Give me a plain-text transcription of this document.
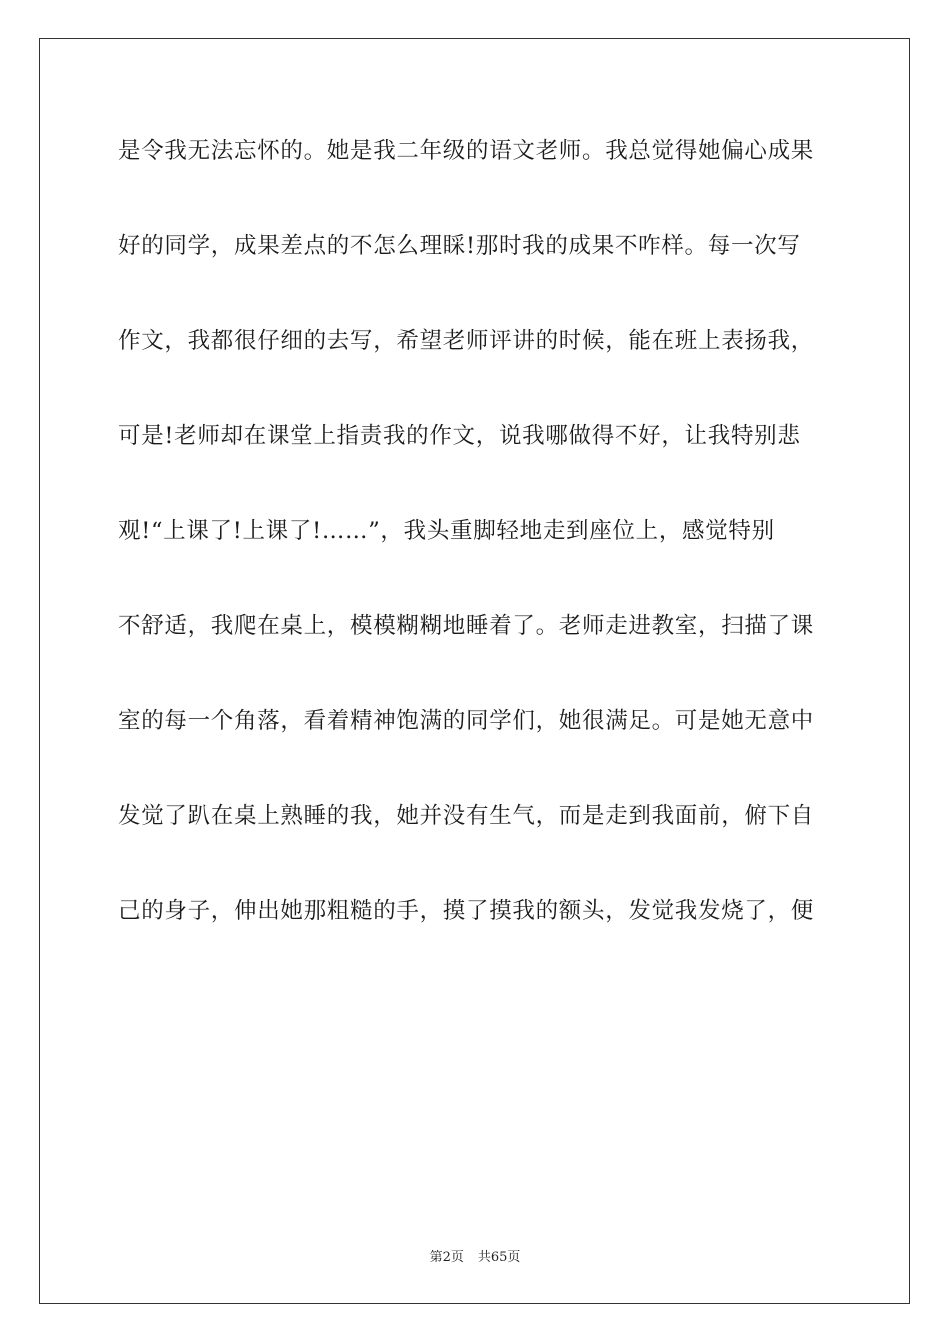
是令我无法忘怀的。她是我二年级的语文老师。我总觉得她偏心成果
好的同学，成果差点的不怎么理睬!那时我的成果不咋样。每一次写
作文，我都很仔细的去写，希望老师评讲的时候，能在班上表扬我，
可是!老师却在课堂上指责我的作文，说我哪做得不好，让我特别悲
观!“上课了!上课了!……”，我头重脚轻地走到座位上，感觉特别
不舒适，我爬在桌上，模模糊糊地睡着了。老师走进教室，扫描了课
室的每一个角落，看着精神饱满的同学们，她很满足。可是她无意中
发觉了趴在桌上熟睡的我，她并没有生气，而是走到我面前，俯下自
己的身子，伸出她那粗糙的手，摸了摸我的额头，发觉我发烧了，便
第2页 共65页
